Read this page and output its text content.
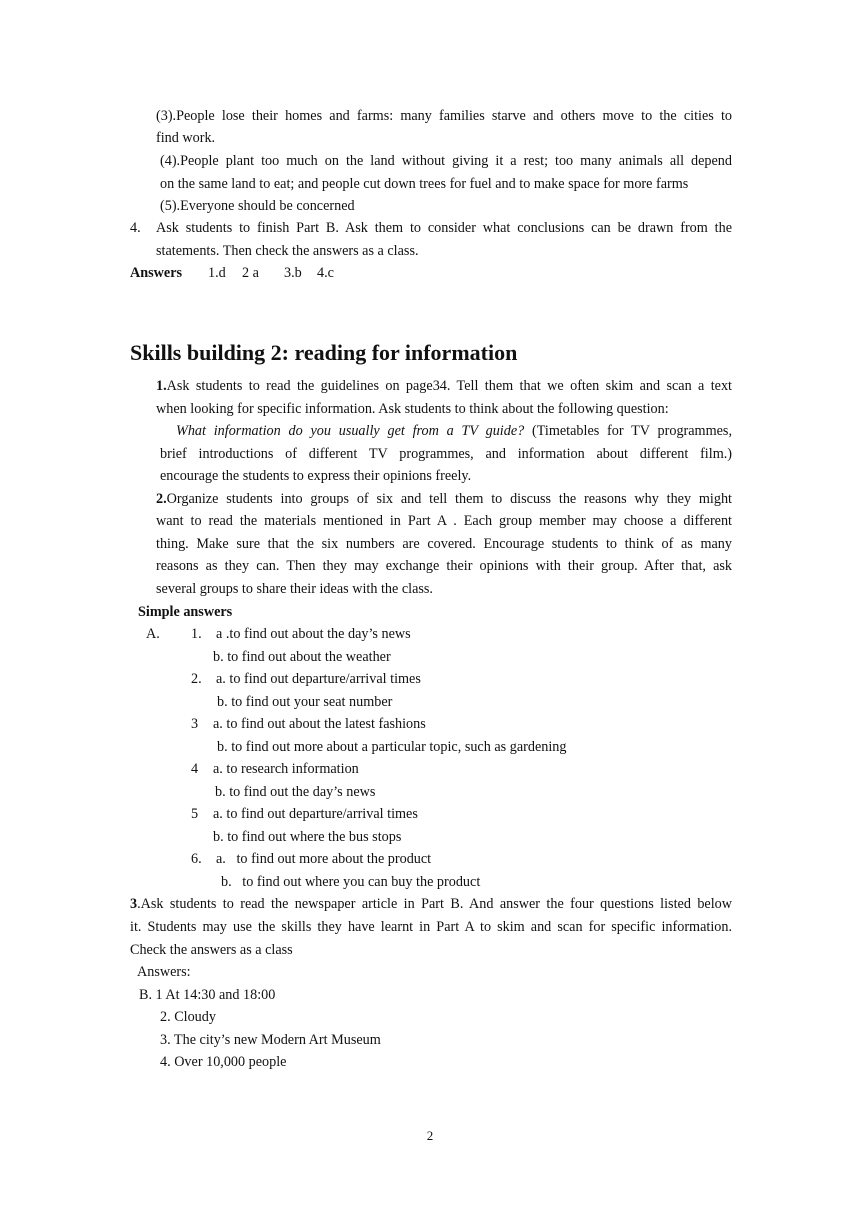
(3).People lose their homes and farms: many families starve and others move to the cities to
find work.
(4).People plant too much on the land without giving it a rest; too many animals all depend
on the same land to eat; and people cut down trees for fuel and to make space for more farms
(5).Everyone should be concerned
4. Ask students to finish Part B. Ask them to consider what conclusions can be drawn from the
statements. Then check the answers as a class.
Answers 1.d 2 a 3.b 4.c
Skills building 2: reading for information
1.Ask students to read the guidelines on page34. Tell them that we often skim and scan a text
when looking for specific information. Ask students to think about the following question:
What information do you usually get from a TV guide? (Timetables for TV programmes,
brief introductions of different TV programmes, and information about different film.)
encourage the students to express their opinions freely.
2.Organize students into groups of six and tell them to discuss the reasons why they might
want to read the materials mentioned in Part A . Each group member may choose a different
thing. Make sure that the six numbers are covered. Encourage students to think of as many
reasons as they can. Then they may exchange their opinions with their group. After that, ask
several groups to share their ideas with the class.
Simple answers
A. 1. a .to find out about the day’s news
b. to find out about the weather
2. a. to find out departure/arrival times
b. to find out your seat number
3 a. to find out about the latest fashions
b. to find out more about a particular topic, such as gardening
4 a. to research information
b. to find out the day’s news
5 a. to find out departure/arrival times
b. to find out where the bus stops
6. a.   to find out more about the product
b.   to find out where you can buy the product
3.Ask students to read the newspaper article in Part B. And answer the four questions listed below
it. Students may use the skills they have learnt in Part A to skim and scan for specific information.
Check the answers as a class
Answers:
B. 1 At 14:30 and 18:00
2. Cloudy
3. The city’s new Modern Art Museum
4. Over 10,000 people
2
